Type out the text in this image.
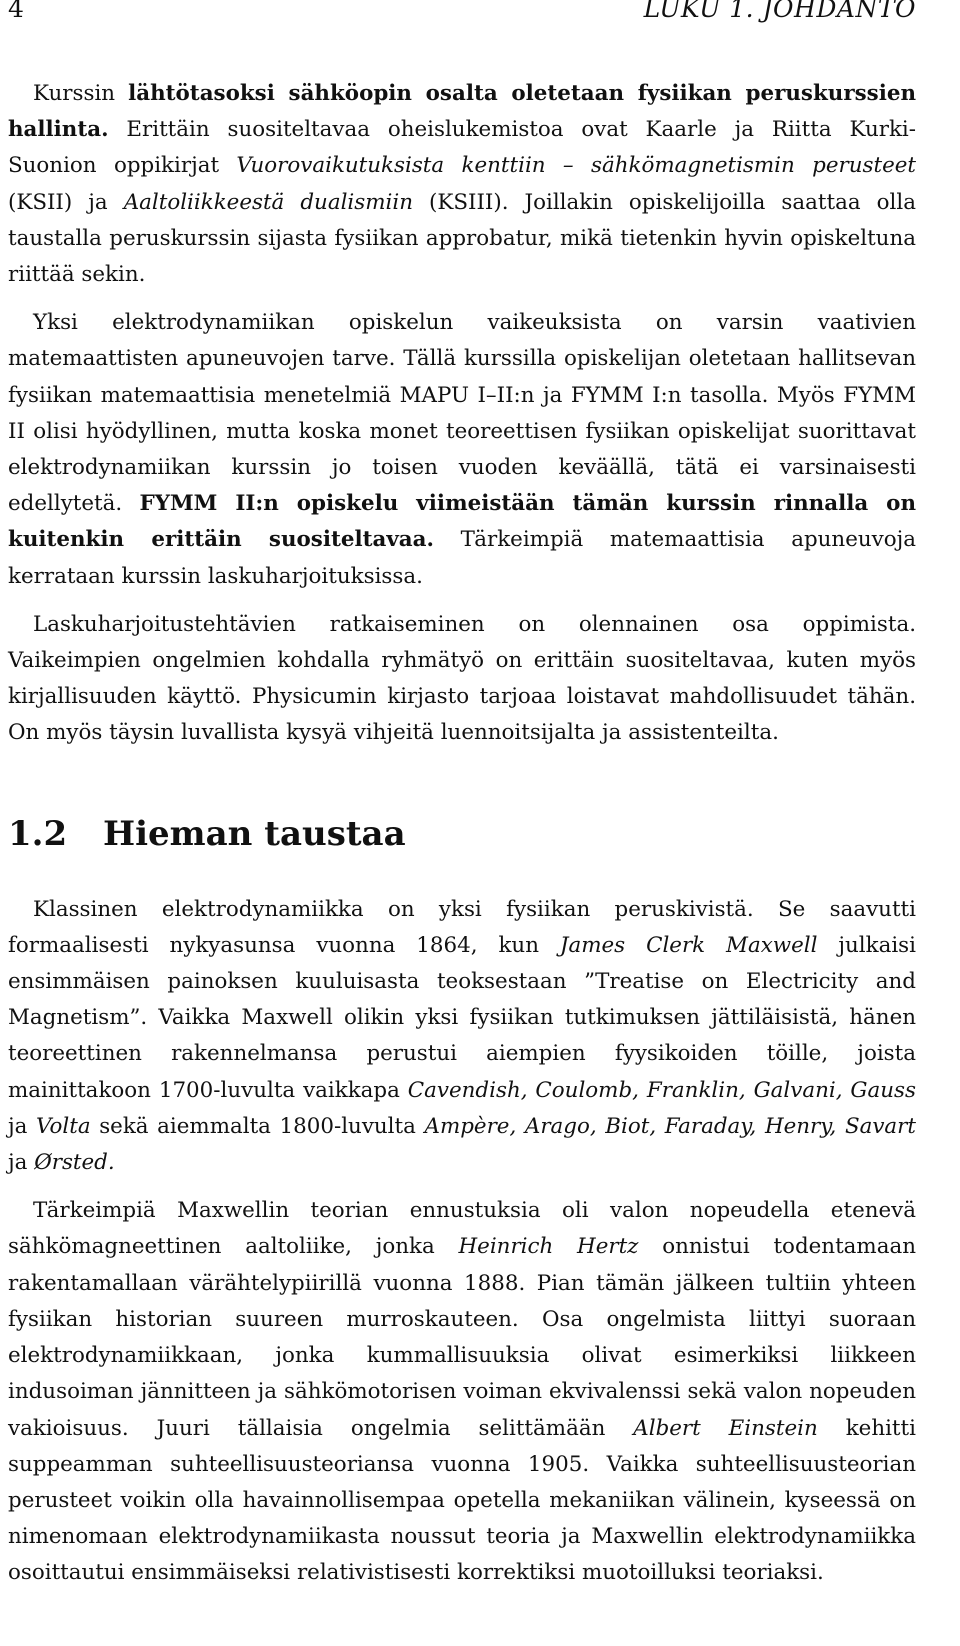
4	LUKU 1. JOHDANTO

Kurssin lähtötasoksi sähköopin osalta oletetaan fysiikan peruskurssien hallinta. Erittäin suositeltavaa oheislukemistoa ovat Kaarle ja Riitta Kurki-Suonion oppikirjat Vuorovaikutuksista kenttiin – sähkömagnetismin perusteet (KSII) ja Aaltoliikkeestä dualismiin (KSIII). Joillakin opiskelijoilla saattaa olla taustalla peruskurssin sijasta fysiikan approbatur, mikä tietenkin hyvin opiskeltuna riittää sekin.

Yksi elektrodynamiikan opiskelun vaikeuksista on varsin vaativien matemaattisten apuneuvojen tarve. Tällä kurssilla opiskelijan oletetaan hallitsevan fysiikan matemaattisia menetelmiä MAPU I–II:n ja FYMM I:n tasolla. Myös FYMM II olisi hyödyllinen, mutta koska monet teoreettisen fysiikan opiskelijat suorittavat elektrodynamiikan kurssin jo toisen vuoden keväällä, tätä ei varsinaisesti edellytetä. FYMM II:n opiskelu viimeistään tämän kurssin rinnalla on kuitenkin erittäin suositeltavaa. Tärkeimpiä matemaattisia apuneuvoja kerrataan kurssin laskuharjoituksissa.

Laskuharjoitustehtävien ratkaiseminen on olennainen osa oppimista. Vaikeimpien ongelmien kohdalla ryhmätyö on erittäin suositeltavaa, kuten myös kirjallisuuden käyttö. Physicumin kirjasto tarjoaa loistavat mahdollisuudet tähän. On myös täysin luvallista kysyä vihjeitä luennoitsijalta ja assistenteilta.

1.2 Hieman taustaa

Klassinen elektrodynamiikka on yksi fysiikan peruskivistä. Se saavutti formaalisesti nykyasunsa vuonna 1864, kun James Clerk Maxwell julkaisi ensimmäisen painoksen kuuluisasta teoksestaan ”Treatise on Electricity and Magnetism”. Vaikka Maxwell olikin yksi fysiikan tutkimuksen jättiläisistä, hänen teoreettinen rakennelmansa perustui aiempien fyysikoiden töille, joista mainittakoon 1700-luvulta vaikkapa Cavendish, Coulomb, Franklin, Galvani, Gauss ja Volta sekä aiemmalta 1800-luvulta Ampère, Arago, Biot, Faraday, Henry, Savart ja Ørsted.

Tärkeimpiä Maxwellin teorian ennustuksia oli valon nopeudella etenevä sähkömagneettinen aaltoliike, jonka Heinrich Hertz onnistui todentamaan rakentamallaan värähtelypiirillä vuonna 1888. Pian tämän jälkeen tultiin yhteen fysiikan historian suureen murroskauteen. Osa ongelmista liittyi suoraan elektrodynamiikkaan, jonka kummallisuuksia olivat esimerkiksi liikkeen indusoiman jännitteen ja sähkömotorisen voiman ekvivalenssi sekä valon nopeuden vakioisuus. Juuri tällaisia ongelmia selittämään Albert Einstein kehitti suppeamman suhteellisuusteoriansa vuonna 1905. Vaikka suhteellisuusteorian perusteet voikin olla havainnollisempaa opetella mekaniikan välinein, kyseessä on nimenomaan elektrodynamiikasta noussut teoria ja Maxwellin elektrodynamiikka osoittautui ensimmäiseksi relativistisesti korrektiksi muotoilluksi teoriaksi.
